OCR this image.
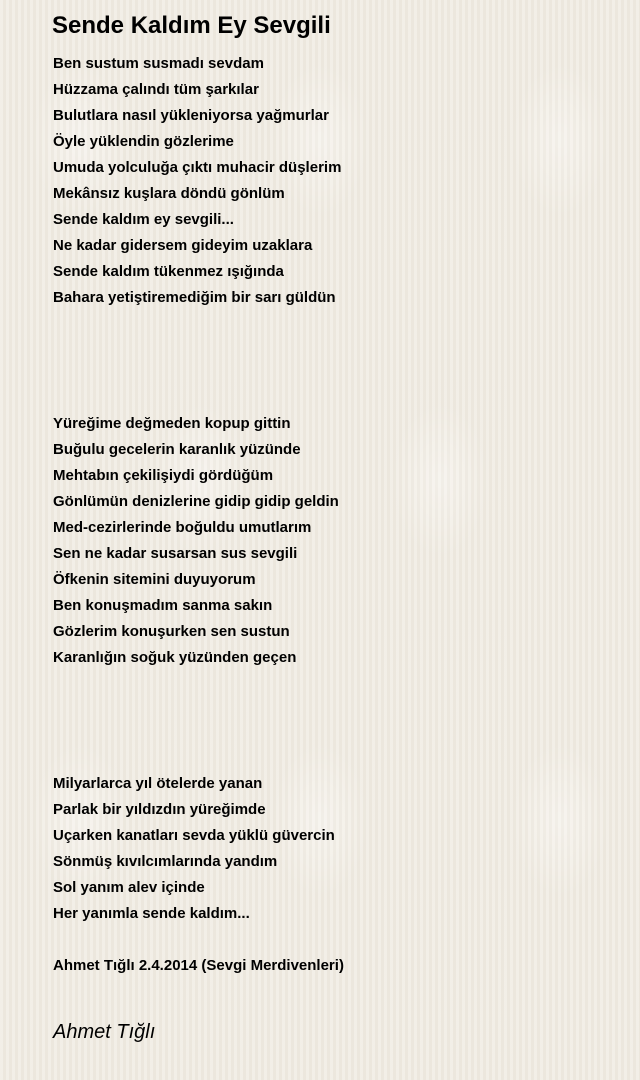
Sende Kaldım Ey Sevgili
Ben sustum susmadı sevdam
Hüzzama çalındı tüm şarkılar
Bulutlara nasıl yükleniyorsa yağmurlar
Öyle yüklendin gözlerime
Umuda yolculuğa çıktı muhacir düşlerim
Mekânsız kuşlara döndü gönlüm
Sende kaldım ey sevgili...
Ne kadar gidersem gideyim uzaklara
Sende kaldım tükenmez ışığında
Bahara yetiştiremediğim bir sarı güldün
Yüreğime değmeden kopup gittin
Buğulu gecelerin karanlık yüzünde
Mehtabın çekilişiydi gördüğüm
Gönlümün denizlerine gidip gidip geldin
Med-cezirlerinde boğuldu umutlarım
Sen ne kadar susarsan sus sevgili
Öfkenin sitemini duyuyorum
Ben konuşmadım sanma sakın
Gözlerim konuşurken sen sustun
Karanlığın soğuk yüzünden geçen
Milyarlarca yıl ötelerde yanan
Parlak bir yıldızdın yüreğimde
Uçarken kanatları sevda yüklü güvercin
Sönmüş kıvılcımlarında yandım
Sol yanım alev içinde
Her yanımla sende kaldım...
Ahmet Tığlı 2.4.2014 (Sevgi Merdivenleri)
Ahmet Tığlı
